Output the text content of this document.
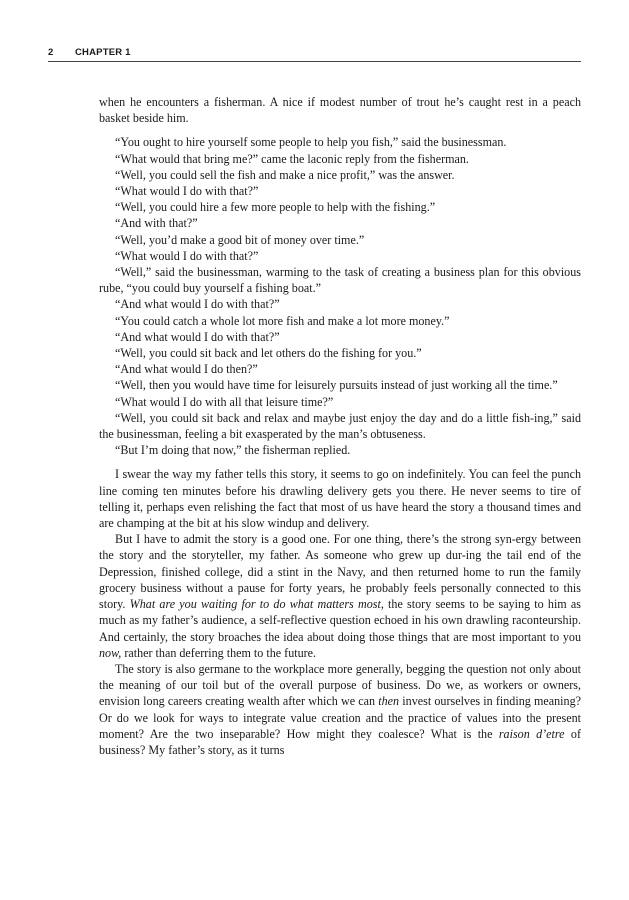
2 CHAPTER 1

when he encounters a fisherman. A nice if modest number of trout he’s caught rest in a peach basket beside him.

“You ought to hire yourself some people to help you fish,” said the businessman.

“What would that bring me?” came the laconic reply from the fisherman.

“Well, you could sell the fish and make a nice profit,” was the answer.

“What would I do with that?”

“Well, you could hire a few more people to help with the fishing.”

“And with that?”

“Well, you’d make a good bit of money over time.”

“What would I do with that?”

“Well,” said the businessman, warming to the task of creating a business plan for this obvious rube, “you could buy yourself a fishing boat.”

“And what would I do with that?”

“You could catch a whole lot more fish and make a lot more money.”

“And what would I do with that?”

“Well, you could sit back and let others do the fishing for you.”

“And what would I do then?”

“Well, then you would have time for leisurely pursuits instead of just working all the time.”

“What would I do with all that leisure time?”

“Well, you could sit back and relax and maybe just enjoy the day and do a little fish-ing,” said the businessman, feeling a bit exasperated by the man’s obtuseness.

“But I’m doing that now,” the fisherman replied.

I swear the way my father tells this story, it seems to go on indefinitely. You can feel the punch line coming ten minutes before his drawling delivery gets you there. He never seems to tire of telling it, perhaps even relishing the fact that most of us have heard the story a thousand times and are champing at the bit at his slow windup and delivery.

But I have to admit the story is a good one. For one thing, there’s the strong syn-ergy between the story and the storyteller, my father. As someone who grew up dur-ing the tail end of the Depression, finished college, did a stint in the Navy, and then returned home to run the family grocery business without a pause for forty years, he probably feels personally connected to this story. What are you waiting for to do what matters most, the story seems to be saying to him as much as my father’s audience, a self-reflective question echoed in his own drawling raconteurship. And certainly, the story broaches the idea about doing those things that are most important to you now, rather than deferring them to the future.

The story is also germane to the workplace more generally, begging the question not only about the meaning of our toil but of the overall purpose of business. Do we, as workers or owners, envision long careers creating wealth after which we can then invest ourselves in finding meaning? Or do we look for ways to integrate value creation and the practice of values into the present moment? Are the two inseparable? How might they coalesce? What is the raison d’etre of business? My father’s story, as it turns
